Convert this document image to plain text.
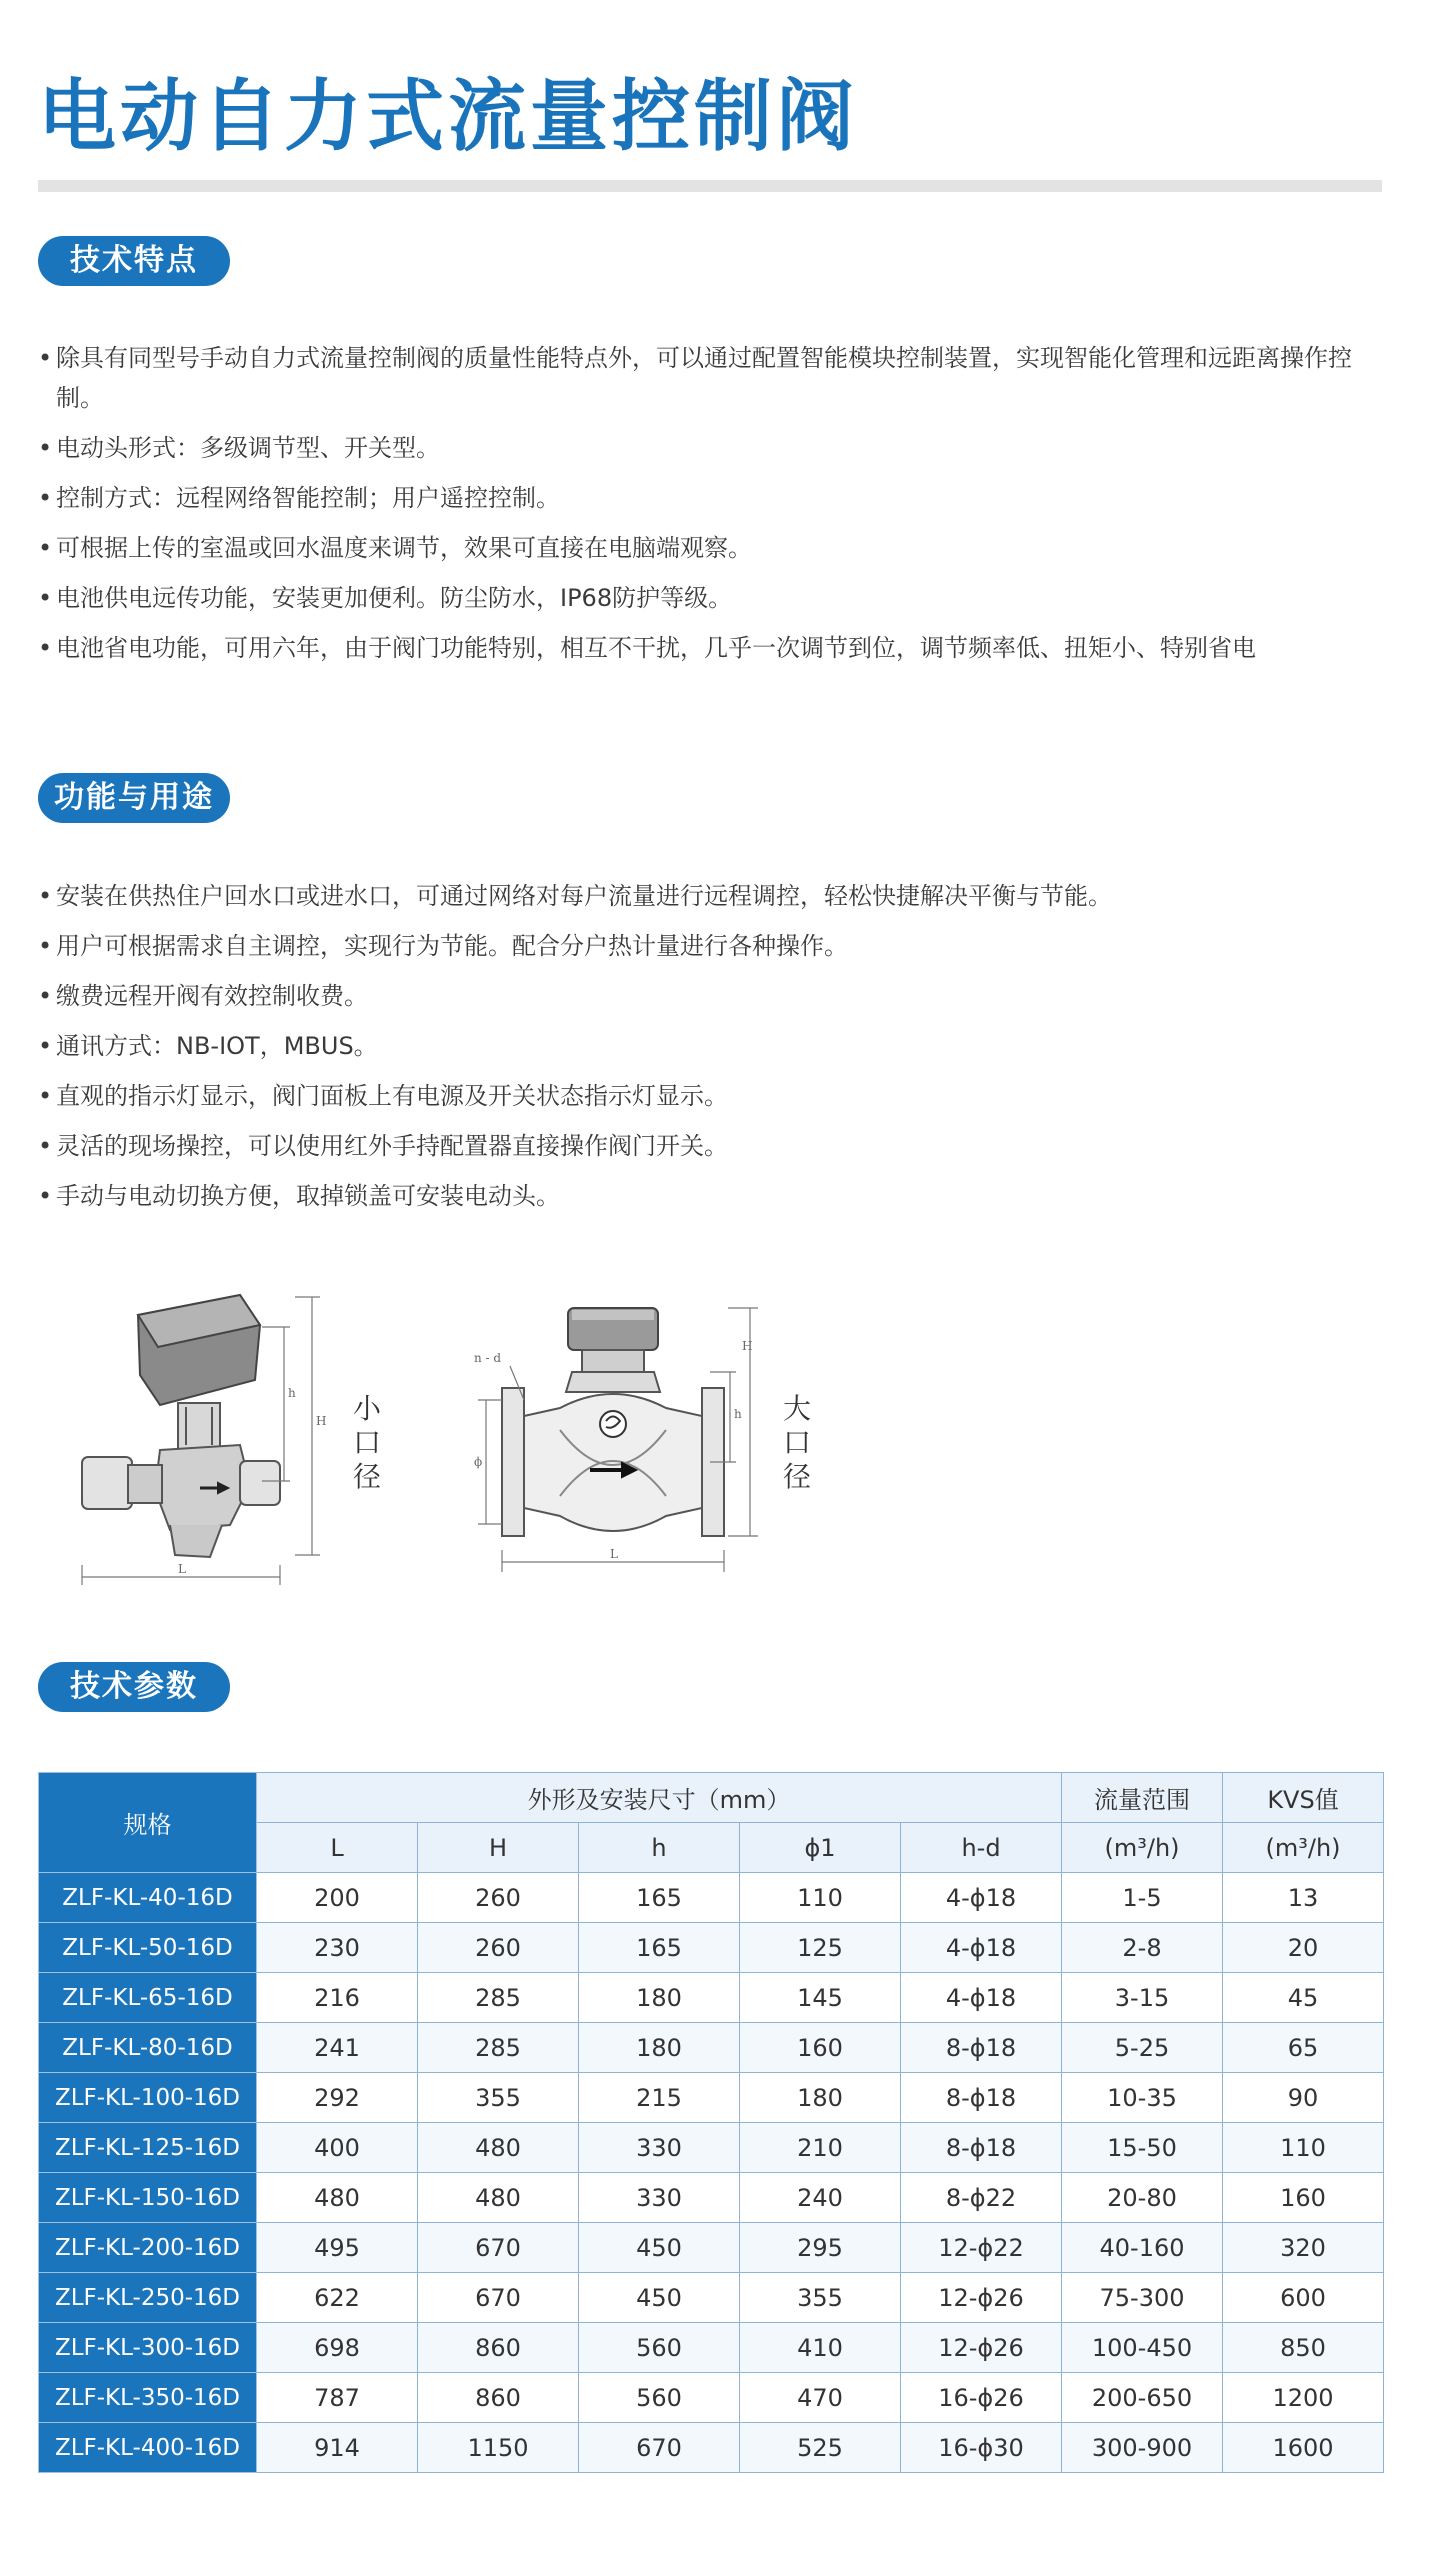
电动自力式流量控制阀
技术特点
• 除具有同型号手动自力式流量控制阀的质量性能特点外，可以通过配置智能模块控制装置，实现智能化管理和远距离操作控制。
• 电动头形式：多级调节型、开关型。
• 控制方式：远程网络智能控制；用户遥控控制。
• 可根据上传的室温或回水温度来调节，效果可直接在电脑端观察。
• 电池供电远传功能，安装更加便利。防尘防水，IP68防护等级。
• 电池省电功能，可用六年，由于阀门功能特别，相互不干扰，几乎一次调节到位，调节频率低、扭矩小、特别省电
功能与用途
• 安装在供热住户回水口或进水口，可通过网络对每户流量进行远程调控，轻松快捷解决平衡与节能。
• 用户可根据需求自主调控，实现行为节能。配合分户热计量进行各种操作。
• 缴费远程开阀有效控制收费。
• 通讯方式：NB-IOT，MBUS。
• 直观的指示灯显示，阀门面板上有电源及开关状态指示灯显示。
• 灵活的现场操控，可以使用红外手持配置器直接操作阀门开关。
• 手动与电动切换方便，取掉锁盖可安装电动头。
L
H
h 小口径
n - d
ϕ
L
H
h 大口径
技术参数
规格	外形及安装尺寸（mm）					流量范围	KVS值
	L	H	h	ϕ1	h-d	(m³/h)	(m³/h)
ZLF-KL-40-16D	200	260	165	110	4-ϕ18	1-5	13
ZLF-KL-50-16D	230	260	165	125	4-ϕ18	2-8	20
ZLF-KL-65-16D	216	285	180	145	4-ϕ18	3-15	45
ZLF-KL-80-16D	241	285	180	160	8-ϕ18	5-25	65
ZLF-KL-100-16D	292	355	215	180	8-ϕ18	10-35	90
ZLF-KL-125-16D	400	480	330	210	8-ϕ18	15-50	110
ZLF-KL-150-16D	480	480	330	240	8-ϕ22	20-80	160
ZLF-KL-200-16D	495	670	450	295	12-ϕ22	40-160	320
ZLF-KL-250-16D	622	670	450	355	12-ϕ26	75-300	600
ZLF-KL-300-16D	698	860	560	410	12-ϕ26	100-450	850
ZLF-KL-350-16D	787	860	560	470	16-ϕ26	200-650	1200
ZLF-KL-400-16D	914	1150	670	525	16-ϕ30	300-900	1600
